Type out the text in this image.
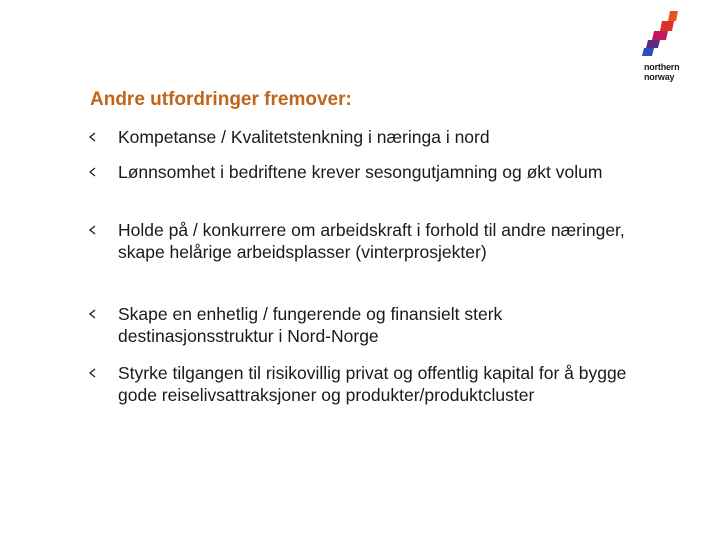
northern
norway
Andre utfordringer fremover:
Kompetanse / Kvalitetstenkning i næringa i nord
Lønnsomhet i bedriftene krever sesongutjamning og økt volum
Holde på / konkurrere om arbeidskraft i forhold til andre næringer, skape helårige arbeidsplasser (vinterprosjekter)
Skape en enhetlig / fungerende og finansielt sterk destinasjonsstruktur i Nord-Norge
Styrke tilgangen til risikovillig privat og offentlig kapital for å bygge gode reiselivsattraksjoner og produkter/produktcluster
